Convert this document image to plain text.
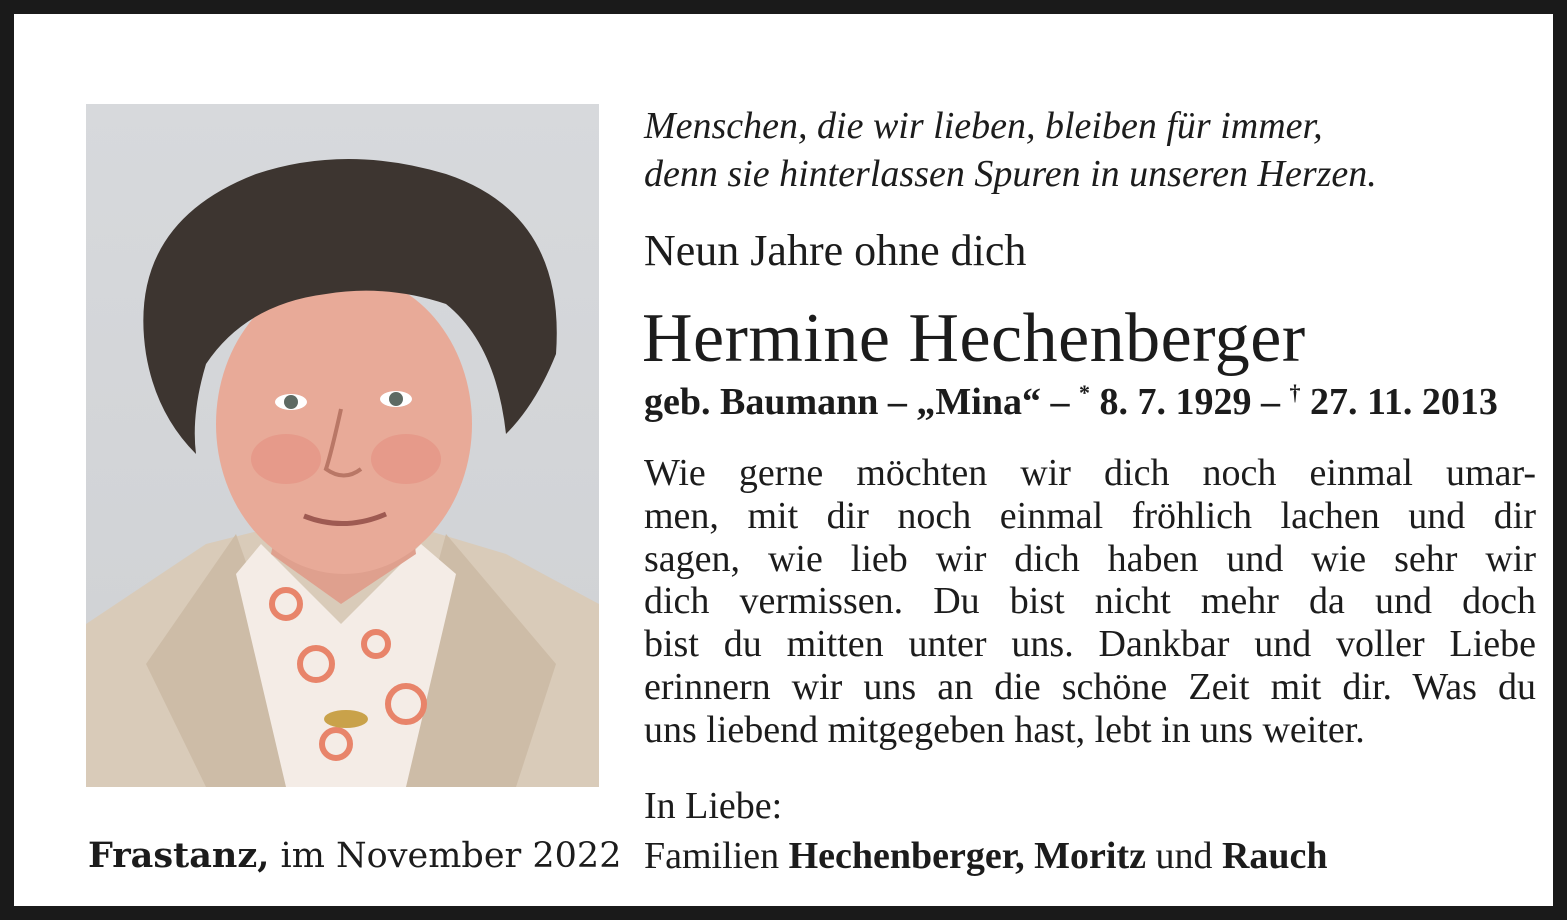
Frastanz, im November 2022
Menschen, die wir lieben, bleiben für immer,
denn sie hinterlassen Spuren in unseren Herzen.
Neun Jahre ohne dich
Hermine Hechenberger
geb. Baumann – „Mina“ – * 8. 7. 1929 – † 27. 11. 2013
Wie gerne möchten wir dich noch einmal umar-
men, mit dir noch einmal fröhlich lachen und dir
sagen, wie lieb wir dich haben und wie sehr wir
dich vermissen. Du bist nicht mehr da und doch
bist du mitten unter uns. Dankbar und voller Liebe
erinnern wir uns an die schöne Zeit mit dir. Was du
uns liebend mitgegeben hast, lebt in uns weiter.
In Liebe:
Familien Hechenberger, Moritz und Rauch
